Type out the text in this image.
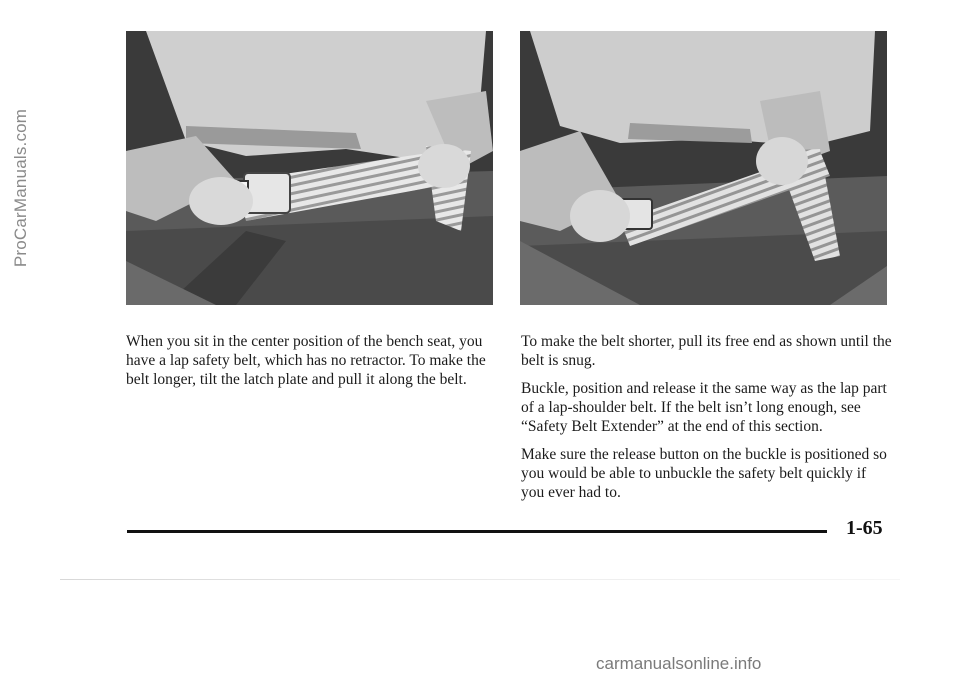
ProCarManuals.com

When you sit in the center position of the bench seat, you have a lap safety belt, which has no retractor. To make the belt longer, tilt the latch plate and pull it along the belt.

To make the belt shorter, pull its free end as shown until the belt is snug.

Buckle, position and release it the same way as the lap part of a lap-shoulder belt. If the belt isn’t long enough, see “Safety Belt Extender” at the end of this section.

Make sure the release button on the buckle is positioned so you would be able to unbuckle the safety belt quickly if you ever had to.

1-65
carmanualsonline.info
